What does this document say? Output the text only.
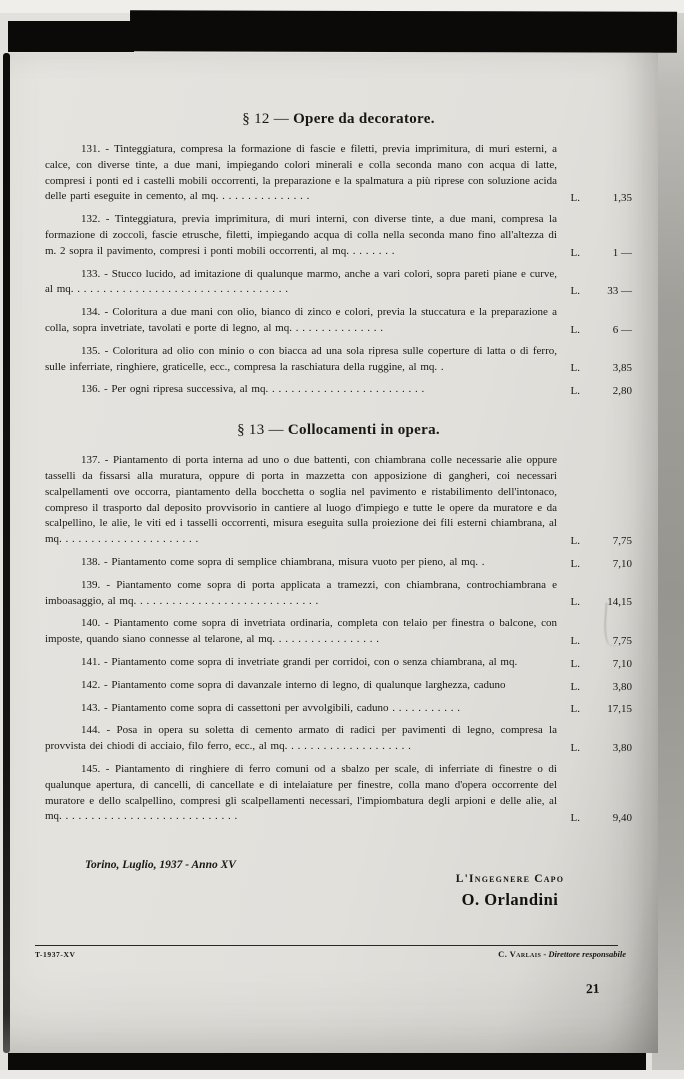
§ 12 — Opere da decoratore.

131. - Tinteggiatura, compresa la formazione di fascie e filetti, previa imprimitura, di muri esterni, a calce, con diverse tinte, a due mani, impiegando colori minerali e colla seconda mano con acqua di latte, compresi i ponti ed i castelli mobili occorrenti, la preparazione e la spalmatura a più riprese con soluzione acida delle parti eseguite in cemento, al mq. . . . . . . . . . . . . . .	L.	1,35

132. - Tinteggiatura, previa imprimitura, di muri interni, con diverse tinte, a due mani, compresa la formazione di zoccoli, fascie etrusche, filetti, impiegando acqua di colla nella seconda mano fino all'altezza di m. 2 sopra il pavimento, compresi i ponti mobili occorrenti, al mq. . . . . . . .	L.	1 —

133. - Stucco lucido, ad imitazione di qualunque marmo, anche a vari colori, sopra pareti piane e curve, al mq. . . . . . . . . . . . . . . . . . . . . . . . . . . . . . . . . .	L.	33 —

134. - Coloritura a due mani con olio, bianco di zinco e colori, previa la stuccatura e la preparazione a colla, sopra invetriate, tavolati e porte di legno, al mq. . . . . . . . . . . . . . .	L.	6 —

135. - Coloritura ad olio con minio o con biacca ad una sola ripresa sulle coperture di latta o di ferro, sulle inferriate, ringhiere, graticelle, ecc., compresa la raschiatura della ruggine, al mq. .	L.	3,85

136. - Per ogni ripresa successiva, al mq. . . . . . . . . . . . . . . . . . . . . . . . .	L.	2,80
§ 13 — Collocamenti in opera.

137. - Piantamento di porta interna ad uno o due battenti, con chiambrana colle necessarie alie oppure tasselli da fissarsi alla muratura, oppure di porta in mazzetta con apposizione di gangheri, coi necessari scalpellamenti ove occorra, piantamento della bocchetta o soglia nel pavimento e ristabilimento dell'intonaco, compreso il trasporto dal deposito provvisorio in cantiere al luogo d'impiego e tutte le opere da muratore e da scalpellino, le alie, le viti ed i tasselli occorrenti, misura eseguita sulla proiezione dei fili esterni chiambrana, al mq. . . . . . . . . . . . . . . . . . . . . .	L.	7,75

138. - Piantamento come sopra di semplice chiambrana, misura vuoto per pieno, al mq. .	L.	7,10

139. - Piantamento come sopra di porta applicata a tramezzi, con chiambrana, controchiambrana e imboasaggio, al mq. . . . . . . . . . . . . . . . . . . . . . . . . . . . .	L.	14,15

140. - Piantamento come sopra di invetriata ordinaria, completa con telaio per finestra o balcone, con imposte, quando siano connesse al telarone, al mq. . . . . . . . . . . . . . . . .	L.	7,75

141. - Piantamento come sopra di invetriate grandi per corridoi, con o senza chiambrana, al mq.	L.	7,10

142. - Piantamento come sopra di davanzale interno di legno, di qualunque larghezza, caduno	L.	3,80

143. - Piantamento come sopra di cassettoni per avvolgibili, caduno . . . . . . . . . . .	L.	17,15

144. - Posa in opera su soletta di cemento armato di radici per pavimenti di legno, compresa la provvista dei chiodi di acciaio, filo ferro, ecc., al mq. . . . . . . . . . . . . . . . . . . .	L.	3,80

145. - Piantamento di ringhiere di ferro comuni od a sbalzo per scale, di inferriate di finestre o di qualunque apertura, di cancelli, di cancellate e di intelaiature per finestre, colla mano d'opera occorrente del muratore e dello scalpellino, compresi gli scalpellamenti necessari, l'impiombatura degli arpioni e delle alie, al mq. . . . . . . . . . . . . . . . . . . . . . . . . . . .	L.	9,40
Torino, Luglio, 1937 - Anno XV
L'Ingegnere Capo
O. Orlandini
T-1937-XV	C. Varlais - Direttore responsabile
21
